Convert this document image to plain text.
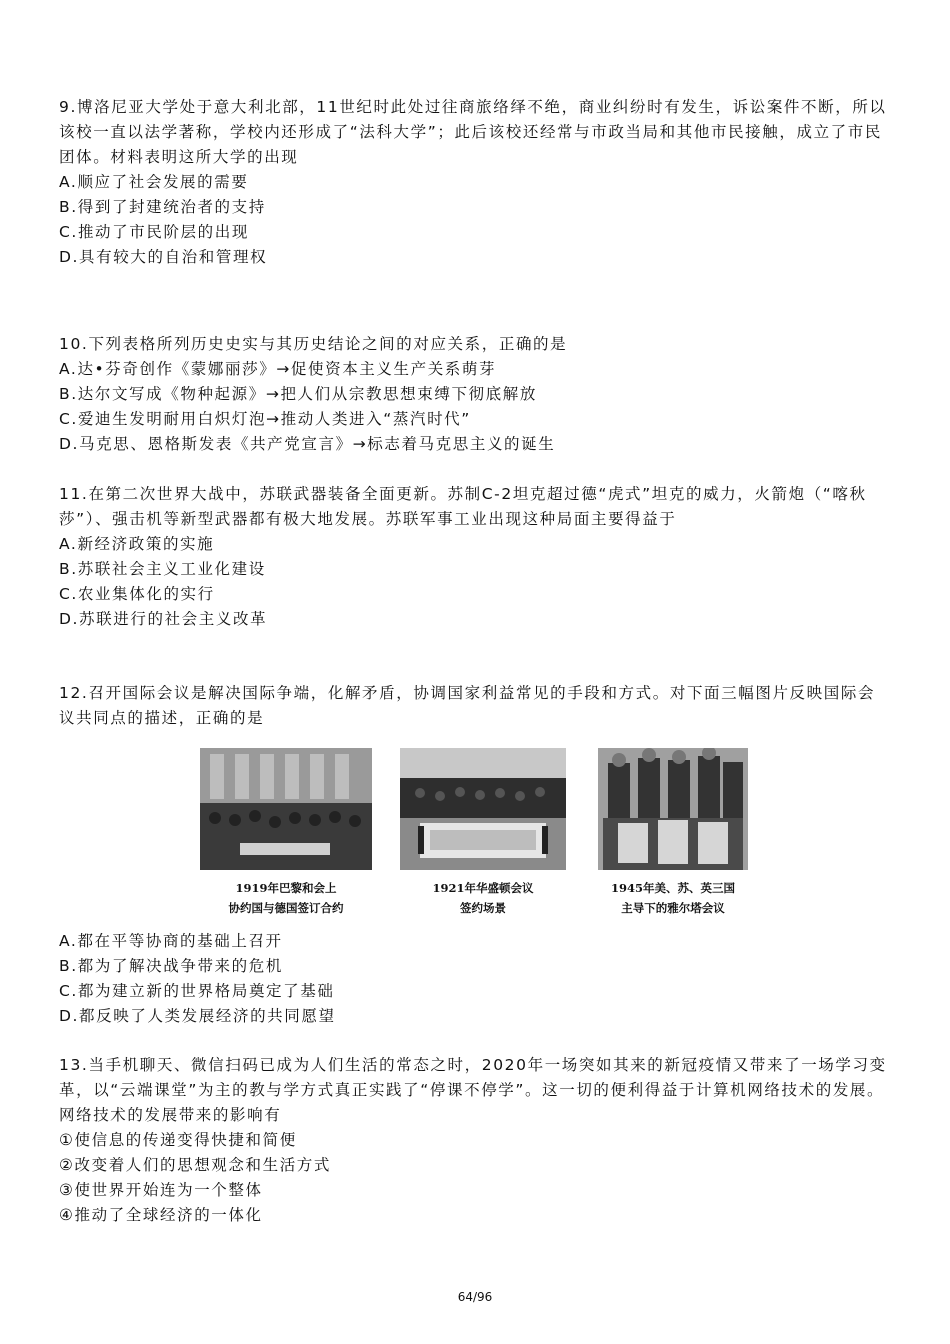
9.博洛尼亚大学处于意大利北部，11世纪时此处过往商旅络绎不绝，商业纠纷时有发生，诉讼案件不断，所以该校一直以法学著称，学校内还形成了“法科大学”；此后该校还经常与市政当局和其他市民接触，成立了市民团体。材料表明这所大学的出现

A.顺应了社会发展的需要

B.得到了封建统治者的支持

C.推动了市民阶层的出现

D.具有较大的自治和管理权

10.下列表格所列历史史实与其历史结论之间的对应关系，正确的是

A.达•芬奇创作《蒙娜丽莎》→促使资本主义生产关系萌芽

B.达尔文写成《物种起源》→把人们从宗教思想束缚下彻底解放

C.爱迪生发明耐用白炽灯泡→推动人类进入“蒸汽时代”

D.马克思、恩格斯发表《共产党宣言》→标志着马克思主义的诞生

11.在第二次世界大战中，苏联武器装备全面更新。苏制C-2坦克超过德“虎式”坦克的威力，火箭炮（“喀秋莎”）、强击机等新型武器都有极大地发展。苏联军事工业出现这种局面主要得益于

A.新经济政策的实施

B.苏联社会主义工业化建设

C.农业集体化的实行

D.苏联进行的社会主义改革

12.召开国际会议是解决国际争端，化解矛盾，协调国家利益常见的手段和方式。对下面三幅图片反映国际会议共同点的描述，正确的是

1919年巴黎和会上
协约国与德国签订合约
1921年华盛顿会议
签约场景
1945年美、苏、英三国
主导下的雅尔塔会议

A.都在平等协商的基础上召开

B.都为了解决战争带来的危机

C.都为建立新的世界格局奠定了基础

D.都反映了人类发展经济的共同愿望

13.当手机聊天、微信扫码已成为人们生活的常态之时，2020年一场突如其来的新冠疫情又带来了一场学习变革，以“云端课堂”为主的教与学方式真正实践了“停课不停学”。这一切的便利得益于计算机网络技术的发展。网络技术的发展带来的影响有

①使信息的传递变得快捷和简便

②改变着人们的思想观念和生活方式

③使世界开始连为一个整体

④推动了全球经济的一体化

64/96
